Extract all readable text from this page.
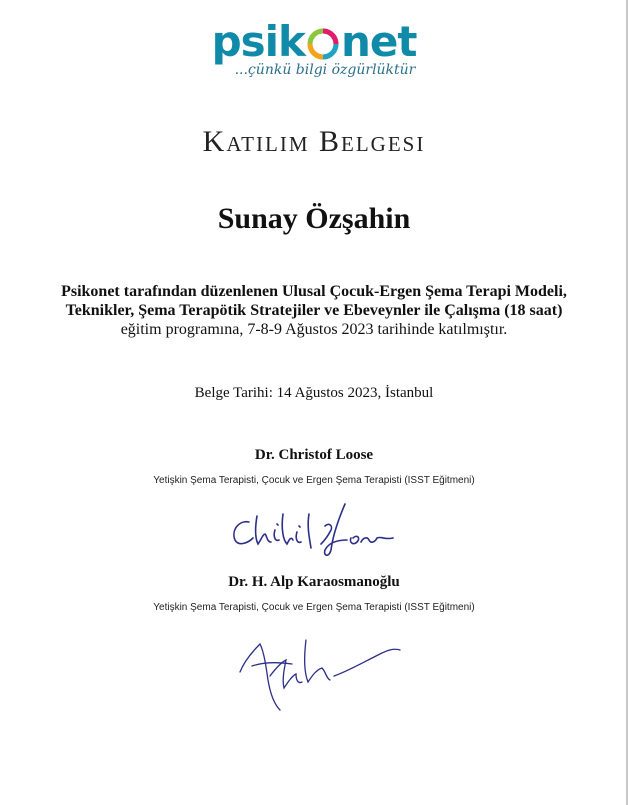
psik net
...çünkü bilgi özgürlüktür
Katılım Belgesi
Sunay Özşahin
Psikonet tarafından düzenlenen Ulusal Çocuk-Ergen Şema Terapi Modeli, Teknikler, Şema Terapötik Stratejiler ve Ebeveynler ile Çalışma (18 saat) eğitim programına, 7-8-9 Ağustos 2023 tarihinde katılmıştır.
Belge Tarihi: 14 Ağustos 2023, İstanbul
Dr. Christof Loose
Yetişkin Şema Terapisti, Çocuk ve Ergen Şema Terapisti (ISST Eğitmeni)
Dr. H. Alp Karaosmanoğlu
Yetişkin Şema Terapisti, Çocuk ve Ergen Şema Terapisti (ISST Eğitmeni)
